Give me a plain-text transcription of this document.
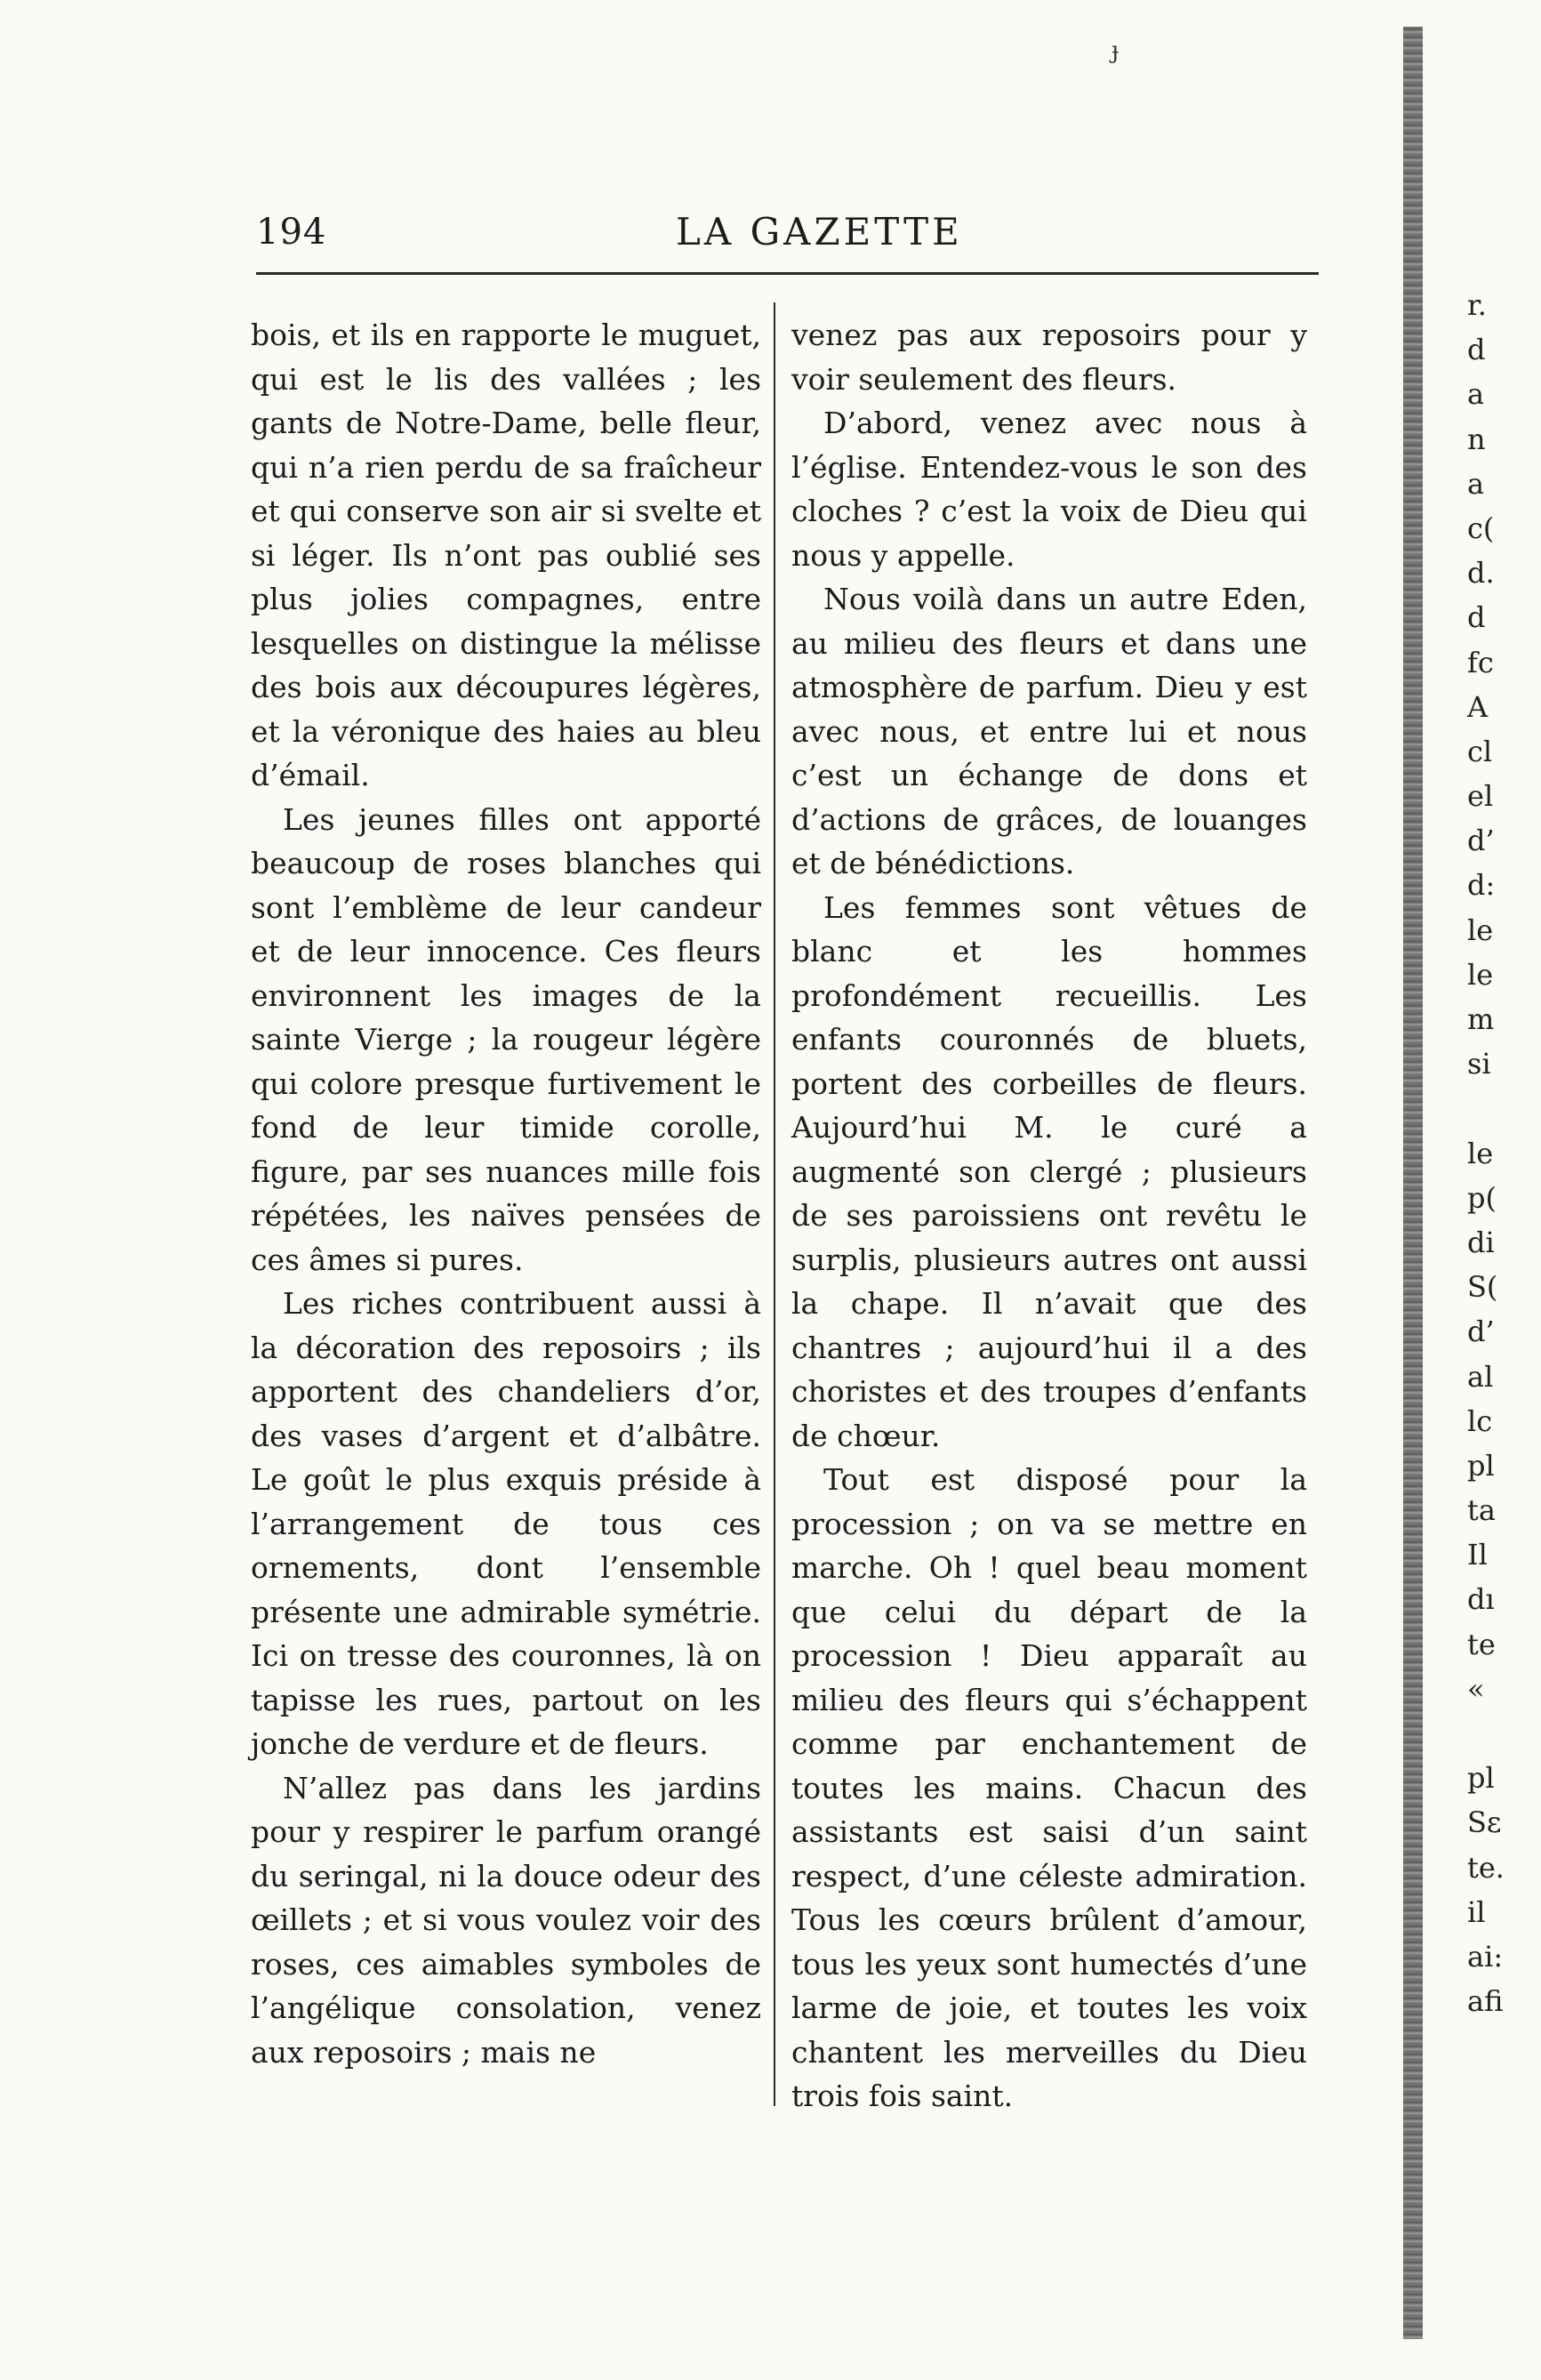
ɟ
194	LA GAZETTE

bois, et ils en rapporte le muguet, qui est le lis des vallées ; les gants de Notre-Dame, belle fleur, qui n’a rien perdu de sa fraîcheur et qui conserve son air si svelte et si léger. Ils n’ont pas oublié ses plus jolies compagnes, entre lesquelles on distingue la mélisse des bois aux découpures légères, et la véronique des haies au bleu d’émail.

Les jeunes filles ont apporté beaucoup de roses blanches qui sont l’emblème de leur candeur et de leur innocence. Ces fleurs environnent les images de la sainte Vierge ; la rougeur légère qui colore presque furtivement le fond de leur timide corolle, figure, par ses nuances mille fois répétées, les naïves pensées de ces âmes si pures.

Les riches contribuent aussi à la décoration des reposoirs ; ils apportent des chandeliers d’or, des vases d’argent et d’albâtre. Le goût le plus exquis préside à l’arrangement de tous ces ornements, dont l’ensemble présente une admirable symétrie. Ici on tresse des couronnes, là on tapisse les rues, partout on les jonche de verdure et de fleurs.

N’allez pas dans les jardins pour y respirer le parfum orangé du seringal, ni la douce odeur des œillets ; et si vous voulez voir des roses, ces aimables symboles de l’angélique consolation, venez aux reposoirs ; mais ne

venez pas aux reposoirs pour y voir seulement des fleurs.

D’abord, venez avec nous à l’église. Entendez-vous le son des cloches ? c’est la voix de Dieu qui nous y appelle.

Nous voilà dans un autre Eden, au milieu des fleurs et dans une atmosphère de parfum. Dieu y est avec nous, et entre lui et nous c’est un échange de dons et d’actions de grâces, de louanges et de bénédictions.

Les femmes sont vêtues de blanc et les hommes profondément recueillis. Les enfants couronnés de bluets, portent des corbeilles de fleurs. Aujourd’hui M. le curé a augmenté son clergé ; plusieurs de ses paroissiens ont revêtu le surplis, plusieurs autres ont aussi la chape. Il n’avait que des chantres ; aujourd’hui il a des choristes et des troupes d’enfants de chœur.

Tout est disposé pour la procession ; on va se mettre en marche. Oh ! quel beau moment que celui du départ de la procession ! Dieu apparaît au milieu des fleurs qui s’échappent comme par enchantement de toutes les mains. Chacun des assistants est saisi d’un saint respect, d’une céleste admiration. Tous les cœurs brûlent d’amour, tous les yeux sont humectés d’une larme de joie, et toutes les voix chantent les merveilles du Dieu trois fois saint.

r.
d
a
n
a
c(
d.
d
fc
A
cl
el
d’
d:
le
le
m
si
le
p(
di
S(
d’
al
lc
pl
ta
Il
dı
te
«
pl
Sε
te.
il
ai:
afi
